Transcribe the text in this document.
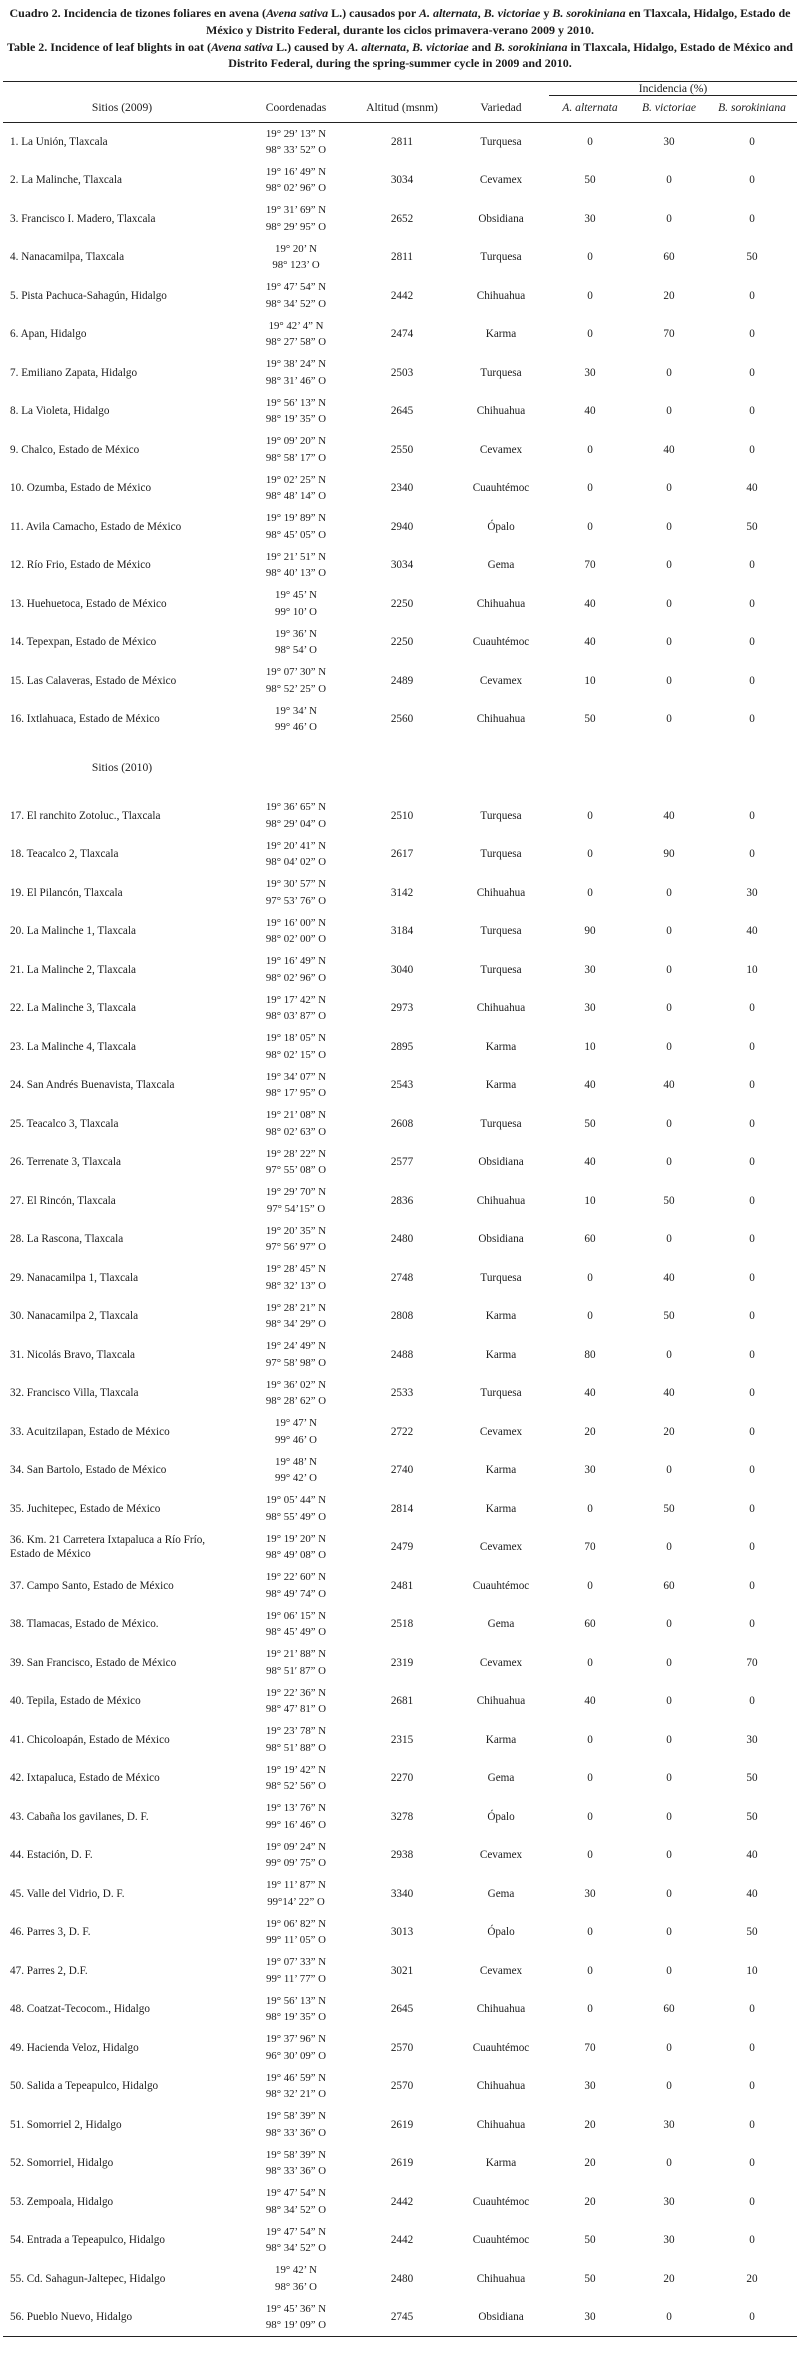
Cuadro 2. Incidencia de tizones foliares en avena (Avena sativa L.) causados por A. alternata, B. victoriae y B. sorokiniana en Tlaxcala, Hidalgo, Estado de México y Distrito Federal, durante los ciclos primavera-verano 2009 y 2010.

Table 2. Incidence of leaf blights in oat (Avena sativa L.) caused by A. alternata, B. victoriae and B. sorokiniana in Tlaxcala, Hidalgo, Estado de México and Distrito Federal, during the spring-summer cycle in 2009 and 2010.

				Incidencia (%)		
Sitios (2009)	Coordenadas	Altitud (msnm)	Variedad	A. alternata	B. victoriae	B. sorokiniana
1. La Unión, Tlaxcala	19° 29’ 13” N
98° 33’ 52” O	2811	Turquesa	0	30	0
2. La Malinche, Tlaxcala	19° 16’ 49” N
98° 02’ 96” O	3034	Cevamex	50	0	0
3. Francisco I. Madero, Tlaxcala	19° 31’ 69” N
98° 29’ 95” O	2652	Obsidiana	30	0	0
4. Nanacamilpa, Tlaxcala	19° 20’ N
98° 123’ O	2811	Turquesa	0	60	50
5. Pista Pachuca-Sahagún, Hidalgo	19° 47’ 54” N
98° 34’ 52” O	2442	Chihuahua	0	20	0
6. Apan, Hidalgo	19° 42’ 4” N
98° 27’ 58” O	2474	Karma	0	70	0
7. Emiliano Zapata, Hidalgo	19° 38’ 24” N
98° 31’ 46” O	2503	Turquesa	30	0	0
8. La Violeta, Hidalgo	19° 56’ 13” N
98° 19’ 35” O	2645	Chihuahua	40	0	0
9. Chalco, Estado de México	19° 09’ 20” N
98° 58’ 17” O	2550	Cevamex	0	40	0
10. Ozumba, Estado de México	19° 02’ 25” N
98° 48’ 14” O	2340	Cuauhtémoc	0	0	40
11. Avila Camacho, Estado de México	19° 19’ 89” N
98° 45’ 05” O	2940	Ópalo	0	0	50
12. Río Frio, Estado de México	19° 21’ 51” N
98° 40’ 13” O	3034	Gema	70	0	0
13. Huehuetoca, Estado de México	19° 45’ N
99° 10’ O	2250	Chihuahua	40	0	0
14. Tepexpan, Estado de México	19° 36’ N
98° 54’ O	2250	Cuauhtémoc	40	0	0
15. Las Calaveras, Estado de México	19° 07’ 30” N
98° 52’ 25” O	2489	Cevamex	10	0	0
16. Ixtlahuaca, Estado de México	19° 34’ N
99° 46’ O	2560	Chihuahua	50	0	0

Sitios (2010)						

17. El ranchito Zotoluc., Tlaxcala	19° 36’ 65” N
98° 29’ 04” O	2510	Turquesa	0	40	0
18. Teacalco 2, Tlaxcala	19° 20’ 41” N
98° 04’ 02” O	2617	Turquesa	0	90	0
19. El Pilancón, Tlaxcala	19° 30’ 57” N
97° 53’ 76” O	3142	Chihuahua	0	0	30
20. La Malinche 1, Tlaxcala	19° 16’ 00” N
98° 02’ 00” O	3184	Turquesa	90	0	40
21. La Malinche 2, Tlaxcala	19° 16’ 49” N
98° 02’ 96” O	3040	Turquesa	30	0	10
22. La Malinche 3, Tlaxcala	19° 17’ 42” N
98° 03’ 87” O	2973	Chihuahua	30	0	0
23. La Malinche 4, Tlaxcala	19° 18’ 05” N
98° 02’ 15” O	2895	Karma	10	0	0
24. San Andrés Buenavista, Tlaxcala	19° 34’ 07” N
98° 17’ 95” O	2543	Karma	40	40	0
25. Teacalco 3, Tlaxcala	19° 21’ 08” N
98° 02’ 63” O	2608	Turquesa	50	0	0
26. Terrenate 3, Tlaxcala	19° 28’ 22” N
97° 55’ 08” O	2577	Obsidiana	40	0	0
27. El Rincón, Tlaxcala	19° 29’ 70” N
97° 54’15” O	2836	Chihuahua	10	50	0
28. La Rascona, Tlaxcala	19° 20’ 35” N
97° 56’ 97” O	2480	Obsidiana	60	0	0
29. Nanacamilpa 1, Tlaxcala	19° 28’ 45” N
98° 32’ 13” O	2748	Turquesa	0	40	0
30. Nanacamilpa 2, Tlaxcala	19° 28’ 21” N
98° 34’ 29” O	2808	Karma	0	50	0
31. Nicolás Bravo, Tlaxcala	19° 24’ 49” N
97° 58’ 98” O	2488	Karma	80	0	0
32. Francisco Villa, Tlaxcala	19° 36’ 02” N
98° 28’ 62” O	2533	Turquesa	40	40	0
33. Acuitzilapan, Estado de México	19° 47’ N
99° 46’ O	2722	Cevamex	20	20	0
34. San Bartolo, Estado de México	19° 48’ N
99° 42’ O	2740	Karma	30	0	0
35. Juchitepec, Estado de México	19° 05’ 44” N
98° 55’ 49” O	2814	Karma	0	50	0
36. Km. 21 Carretera Ixtapaluca a Río Frío, Estado de México	19° 19’ 20” N
98° 49’ 08” O	2479	Cevamex	70	0	0
37. Campo Santo, Estado de México	19° 22’ 60” N
98° 49’ 74” O	2481	Cuauhtémoc	0	60	0
38. Tlamacas, Estado de México.	19° 06’ 15” N
98° 45’ 49” O	2518	Gema	60	0	0
39. San Francisco, Estado de México	19° 21’ 88” N
98° 51′ 87” O	2319	Cevamex	0	0	70
40. Tepila, Estado de México	19° 22’ 36” N
98° 47’ 81” O	2681	Chihuahua	40	0	0
41. Chicoloapán, Estado de México	19° 23’ 78” N
98° 51’ 88” O	2315	Karma	0	0	30
42. Ixtapaluca, Estado de México	19° 19’ 42” N
98° 52’ 56” O	2270	Gema	0	0	50
43. Cabaña los gavilanes, D. F.	19° 13’ 76” N
99° 16’ 46” O	3278	Ópalo	0	0	50
44. Estación, D. F.	19° 09’ 24” N
99° 09’ 75” O	2938	Cevamex	0	0	40
45. Valle del Vidrio, D. F.	19° 11’ 87” N
99°14’ 22” O	3340	Gema	30	0	40
46. Parres 3, D. F.	19° 06’ 82” N
99° 11’ 05” O	3013	Ópalo	0	0	50
47. Parres 2, D.F.	19° 07’ 33” N
99° 11’ 77” O	3021	Cevamex	0	0	10
48. Coatzat-Tecocom., Hidalgo	19° 56’ 13” N
98° 19’ 35” O	2645	Chihuahua	0	60	0
49. Hacienda Veloz, Hidalgo	19° 37’ 96” N
96° 30’ 09” O	2570	Cuauhtémoc	70	0	0
50. Salida a Tepeapulco, Hidalgo	19° 46’ 59” N
98° 32’ 21” O	2570	Chihuahua	30	0	0
51. Somorriel 2, Hidalgo	19° 58’ 39” N
98° 33’ 36” O	2619	Chihuahua	20	30	0
52. Somorriel, Hidalgo	19° 58’ 39” N
98° 33’ 36” O	2619	Karma	20	0	0
53. Zempoala, Hidalgo	19° 47’ 54” N
98° 34’ 52” O	2442	Cuauhtémoc	20	30	0
54. Entrada a Tepeapulco, Hidalgo	19° 47’ 54” N
98° 34’ 52” O	2442	Cuauhtémoc	50	30	0
55. Cd. Sahagun-Jaltepec, Hidalgo	19° 42’ N
98° 36’ O	2480	Chihuahua	50	20	20
56. Pueblo Nuevo, Hidalgo	19° 45’ 36” N
98° 19’ 09” O	2745	Obsidiana	30	0	0
